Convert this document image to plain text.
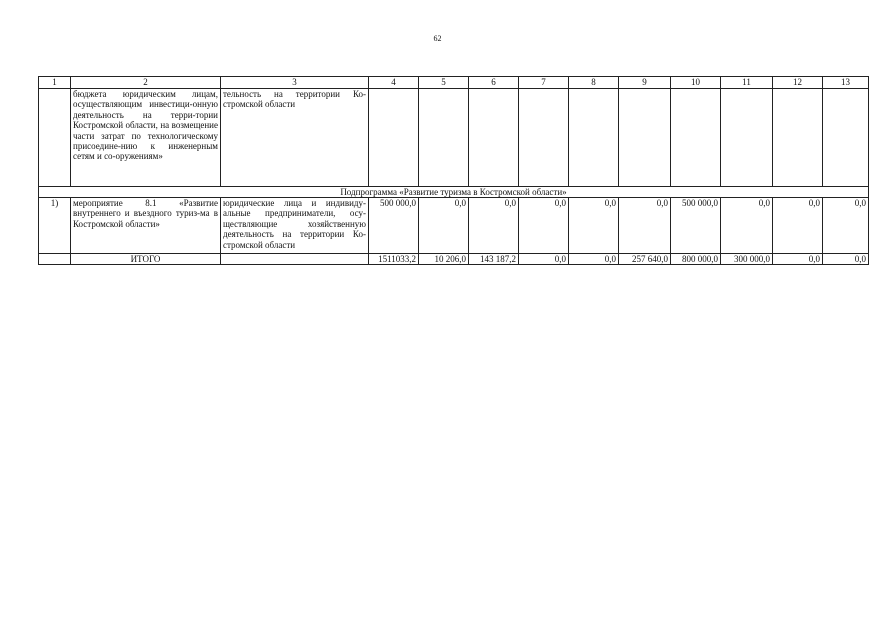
62
1	2	3	4	5	6	7	8	9	10	11	12	13
	бюджета юридическим лицам, осуществляющим инвестици-онную деятельность на терри-тории Костромской области, на возмещение части затрат по технологическому присоедине-нию к инженерным сетям и со-оружениям»	тельность на территории Ко-стромской области										
Подпрограмма «Развитие туризма в Костромской области»												
1)	мероприятие 8.1 «Развитие внутреннего и въездного туриз-ма в Костромской области»	юридические лица и индивиду-альные предприниматели, осу-ществляющие хозяйственную деятельность на территории Ко-стромской области	500 000,0	0,0	0,0	0,0	0,0	0,0	500 000,0	0,0	0,0	0,0
	ИТОГО		1511033,2	10 206,0	143 187,2	0,0	0,0	257 640,0	800 000,0	300 000,0	0,0	0,0
